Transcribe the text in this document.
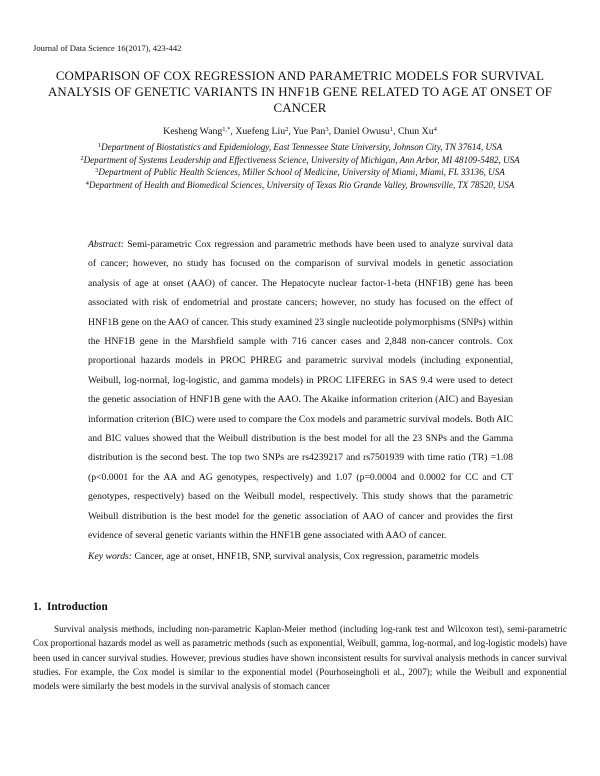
Journal of Data Science 16(2017), 423-442
COMPARISON OF COX REGRESSION AND PARAMETRIC MODELS FOR SURVIVAL ANALYSIS OF GENETIC VARIANTS IN HNF1B GENE RELATED TO AGE AT ONSET OF CANCER
Kesheng Wang$^{1,*}$, Xuefeng Liu$^2$, Yue Pan$^3$, Daniel Owusu$^1$, Chun Xu$^4$

$^1$Department of Biostatistics and Epidemiology, East Tennessee State University, Johnson City, TN 37614, USA

$^2$Department of Systems Leadership and Effectiveness Science, University of Michigan, Ann Arbor, MI 48109-5482, USA

$^3$Department of Public Health Sciences, Miller School of Medicine, University of Miami, Miami, FL 33136, USA

$^4$Department of Health and Biomedical Sciences, University of Texas Rio Grande Valley, Brownsville, TX 78520, USA

Abstract: Semi-parametric Cox regression and parametric methods have been used to analyze survival data of cancer; however, no study has focused on the comparison of survival models in genetic association analysis of age at onset (AAO) of cancer. The Hepatocyte nuclear factor-1-beta (HNF1B) gene has been associated with risk of endometrial and prostate cancers; however, no study has focused on the effect of HNF1B gene on the AAO of cancer. This study examined 23 single nucleotide polymorphisms (SNPs) within the HNF1B gene in the Marshfield sample with 716 cancer cases and 2,848 non-cancer controls. Cox proportional hazards models in PROC PHREG and parametric survival models (including exponential, Weibull, log-normal, log-logistic, and gamma models) in PROC LIFEREG in SAS 9.4 were used to detect the genetic association of HNF1B gene with the AAO. The Akaike information criterion (AIC) and Bayesian information criterion (BIC) were used to compare the Cox models and parametric survival models. Both AIC and BIC values showed that the Weibull distribution is the best model for all the 23 SNPs and the Gamma distribution is the second best. The top two SNPs are rs4239217 and rs7501939 with time ratio (TR) =1.08 (p<0.0001 for the AA and AG genotypes, respectively) and 1.07 (p=0.0004 and 0.0002 for CC and CT genotypes, respectively) based on the Weibull model, respectively. This study shows that the parametric Weibull distribution is the best model for the genetic association of AAO of cancer and provides the first evidence of several genetic variants within the HNF1B gene associated with AAO of cancer.

Key words: Cancer, age at onset, HNF1B, SNP, survival analysis, Cox regression, parametric models

1.  Introduction

Survival analysis methods, including non-parametric Kaplan-Meier method (including log-rank test and Wilcoxon test), semi-parametric Cox proportional hazards model as well as parametric methods (such as exponential, Weibull, gamma, log-normal, and log-logistic models) have been used in cancer survival studies. However, previous studies have shown inconsistent results for survival analysis methods in cancer survival studies. For example, the Cox model is similar to the exponential model (Pourhoseingholi et al., 2007); while the Weibull and exponential models were similarly the best models in the survival analysis of stomach cancer
